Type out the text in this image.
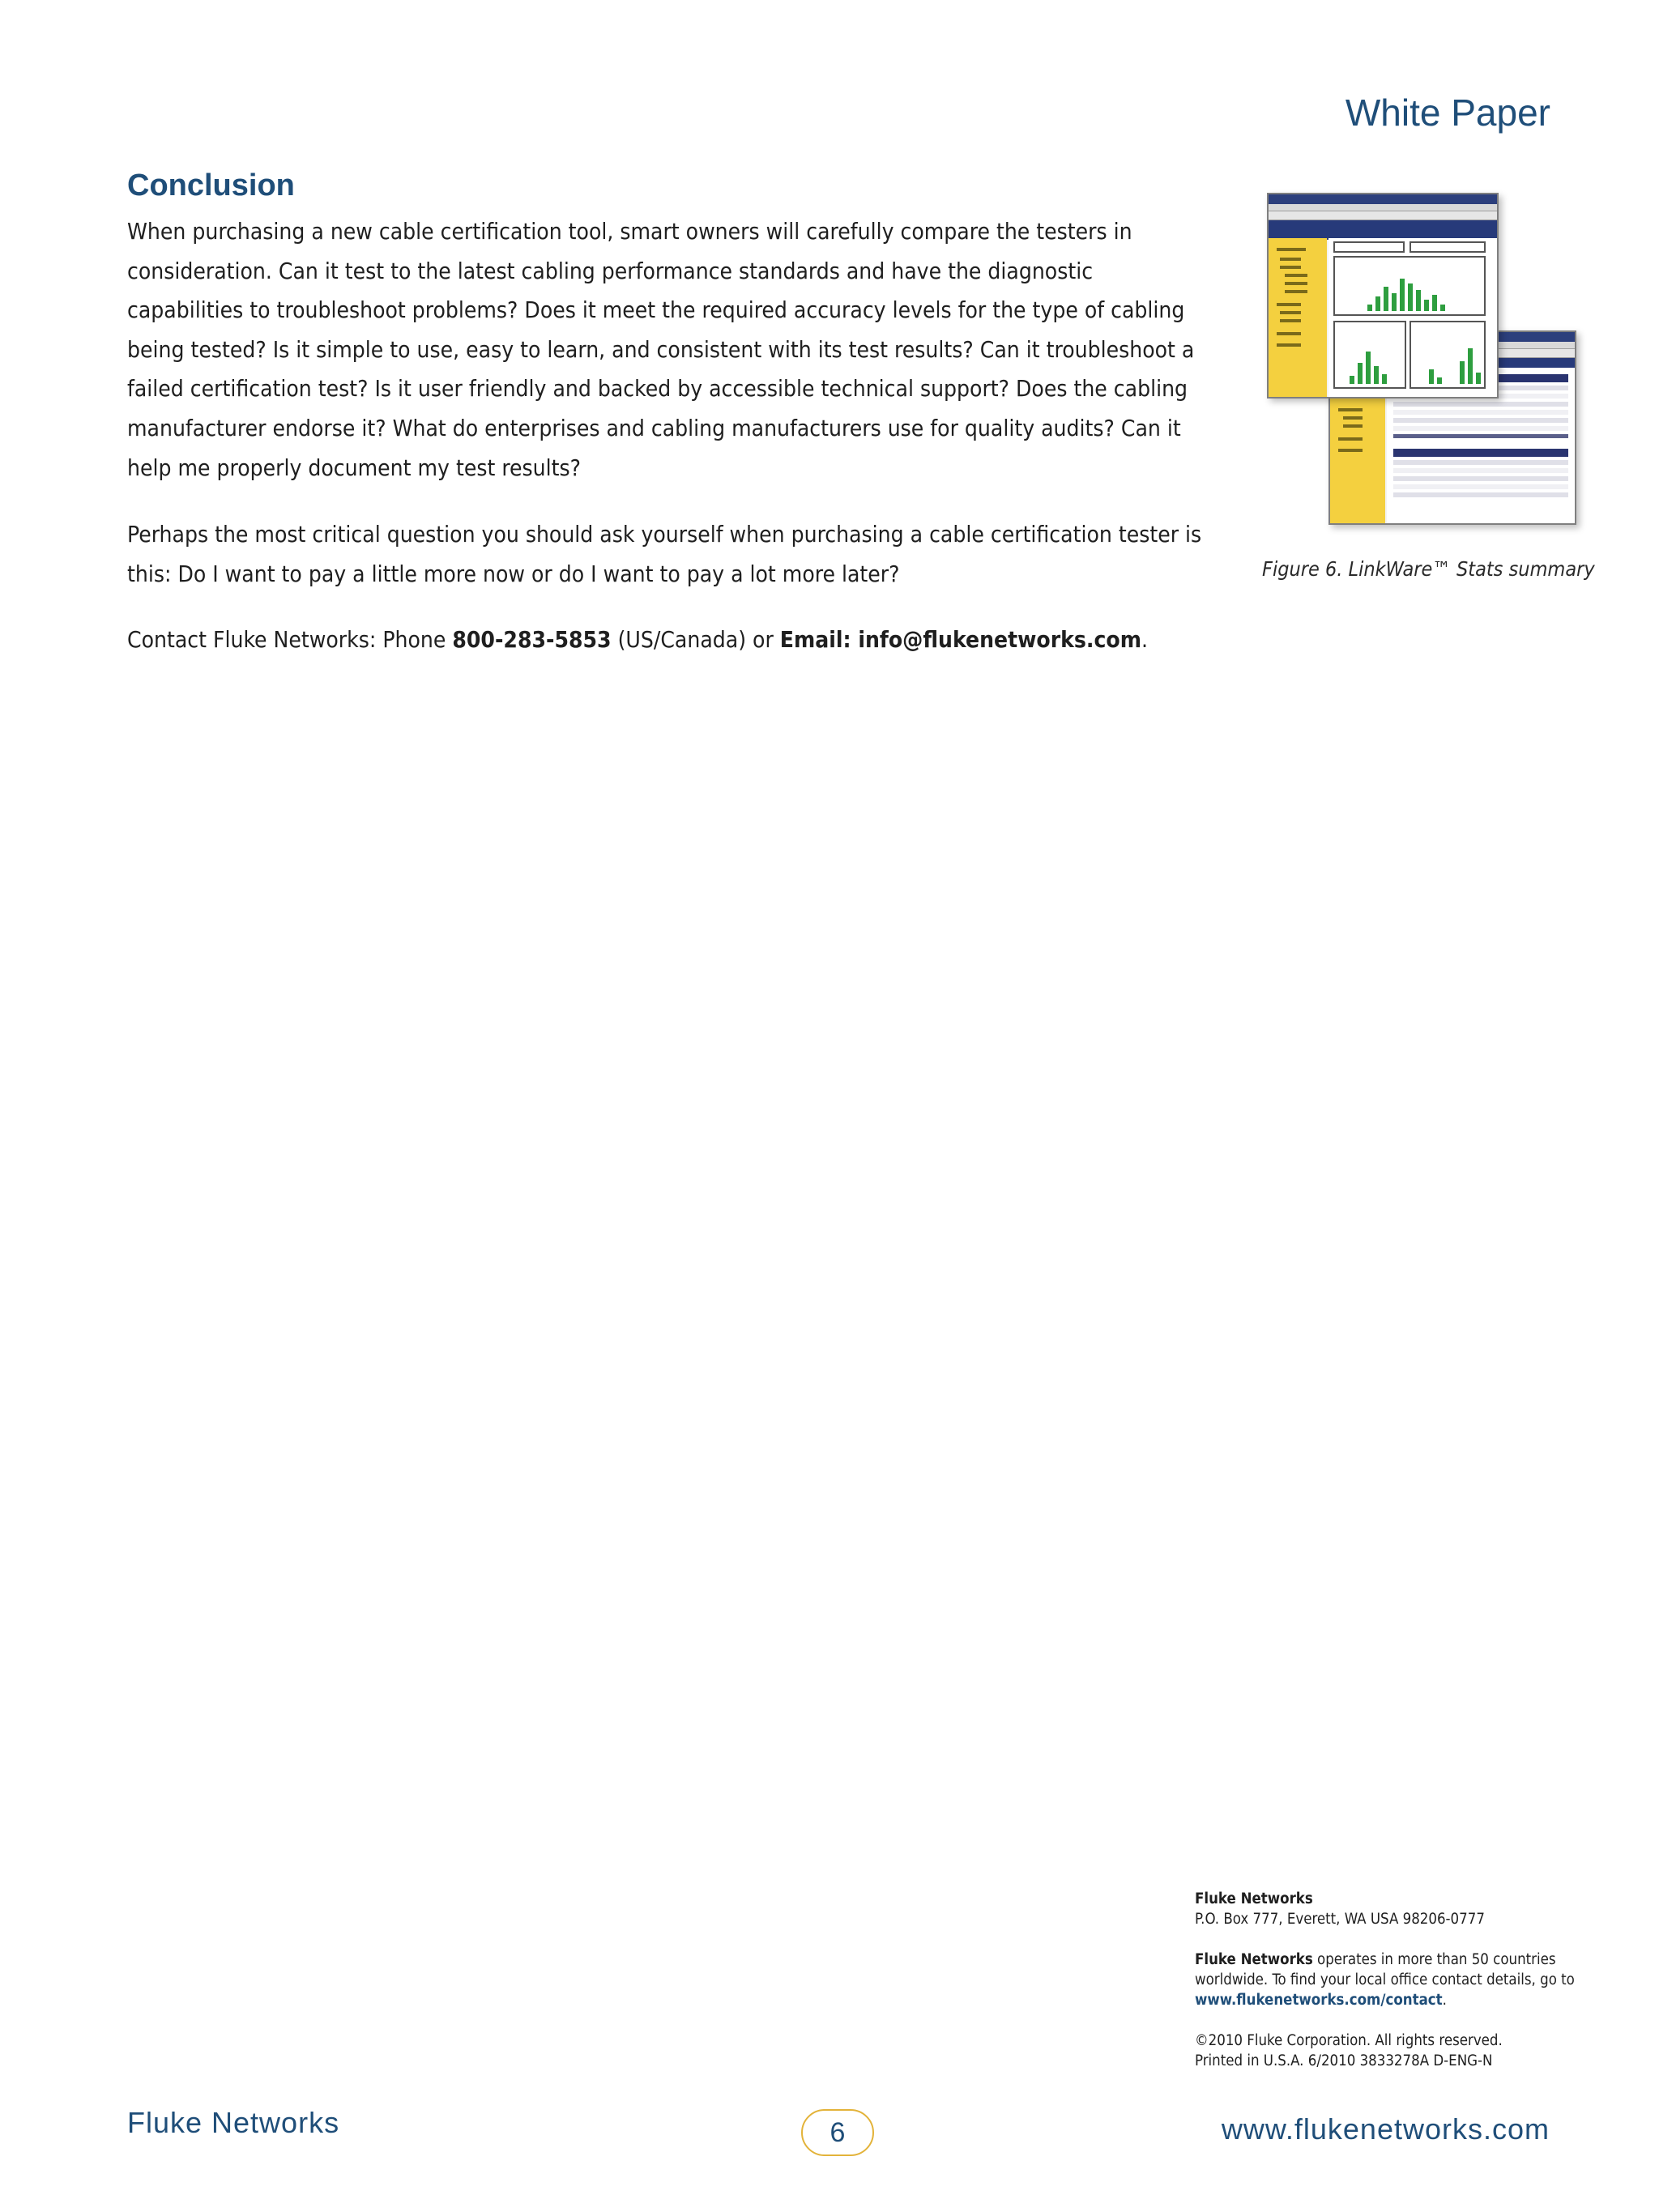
White Paper
Conclusion

When purchasing a new cable certification tool, smart owners will carefully compare the testers in consideration. Can it test to the latest cabling performance standards and have the diagnostic capabilities to troubleshoot problems? Does it meet the required accuracy levels for the type of cabling being tested? Is it simple to use, easy to learn, and consistent with its test results? Can it troubleshoot a failed certification test? Is it user friendly and backed by accessible technical support? Does the cabling manufacturer endorse it? What do enterprises and cabling manufacturers use for quality audits? Can it help me properly document my test results?

Perhaps the most critical question you should ask yourself when purchasing a cable certification tester is this: Do I want to pay a little more now or do I want to pay a lot more later?

Contact Fluke Networks: Phone 800-283-5853 (US/Canada) or Email: info@flukenetworks.com.

Figure 6. LinkWare™ Stats summary

Fluke Networks
P.O. Box 777, Everett, WA USA 98206-0777

Fluke Networks operates in more than 50 countries worldwide. To find your local office contact details, go to www.flukenetworks.com/contact.

©2010 Fluke Corporation. All rights reserved.
Printed in U.S.A. 6/2010 3833278A D-ENG-N

Fluke Networks	6	www.flukenetworks.com
